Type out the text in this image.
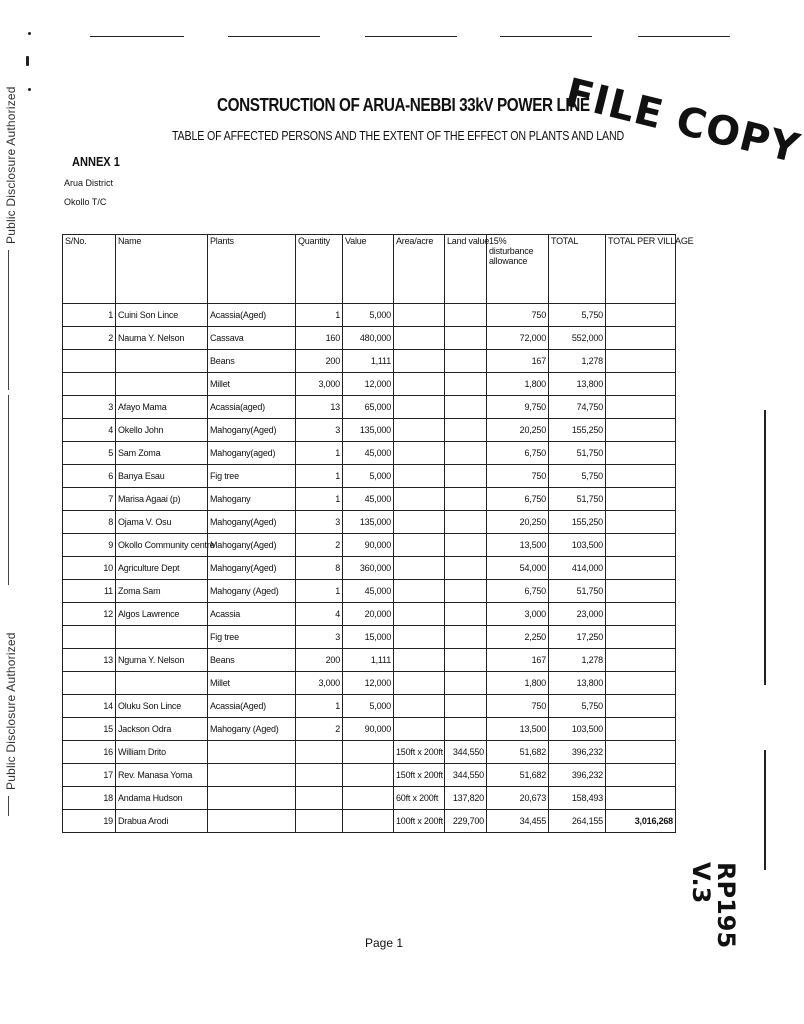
Public Disclosure Authorized
Public Disclosure Authorized
FILE COPY
RP195
V.3
CONSTRUCTION OF ARUA-NEBBI 33kV POWER LINE
TABLE OF AFFECTED PERSONS AND THE EXTENT OF THE EFFECT ON PLANTS AND LAND
ANNEX 1
Arua District
Okollo T/C
S/No.	Name	Plants	Quantity	Value	Area/acre	Land value	15% disturbance allowance	TOTAL	TOTAL PER VILLAGE
1	Cuini Son Lince	Acassia(Aged)	1	5,000			750	5,750	
2	Nauma Y. Nelson	Cassava	160	480,000			72,000	552,000	
		Beans	200	1,111			167	1,278	
		Millet	3,000	12,000			1,800	13,800	
3	Afayo Mama	Acassia(aged)	13	65,000			9,750	74,750	
4	Okello John	Mahogany(Aged)	3	135,000			20,250	155,250	
5	Sam Zoma	Mahogany(aged)	1	45,000			6,750	51,750	
6	Banya Esau	Fig tree	1	5,000			750	5,750	
7	Marisa Agaai (p)	Mahogany	1	45,000			6,750	51,750	
8	Ojama V. Osu	Mahogany(Aged)	3	135,000			20,250	155,250	
9	Okollo Community centre	Mahogany(Aged)	2	90,000			13,500	103,500	
10	Agriculture Dept	Mahogany(Aged)	8	360,000			54,000	414,000	
11	Zoma Sam	Mahogany (Aged)	1	45,000			6,750	51,750	
12	Algos Lawrence	Acassia	4	20,000			3,000	23,000	
		Fig tree	3	15,000			2,250	17,250	
13	Nguma Y. Nelson	Beans	200	1,111			167	1,278	
		Millet	3,000	12,000			1,800	13,800	
14	Oluku Son Lince	Acassia(Aged)	1	5,000			750	5,750	
15	Jackson Odra	Mahogany (Aged)	2	90,000			13,500	103,500	
16	William Drito				150ft x 200ft	344,550	51,682	396,232	
17	Rev. Manasa Yoma				150ft x 200ft	344,550	51,682	396,232	
18	Andama Hudson				60ft x 200ft	137,820	20,673	158,493	
19	Drabua Arodi				100ft x 200ft	229,700	34,455	264,155	3,016,268
Page 1
